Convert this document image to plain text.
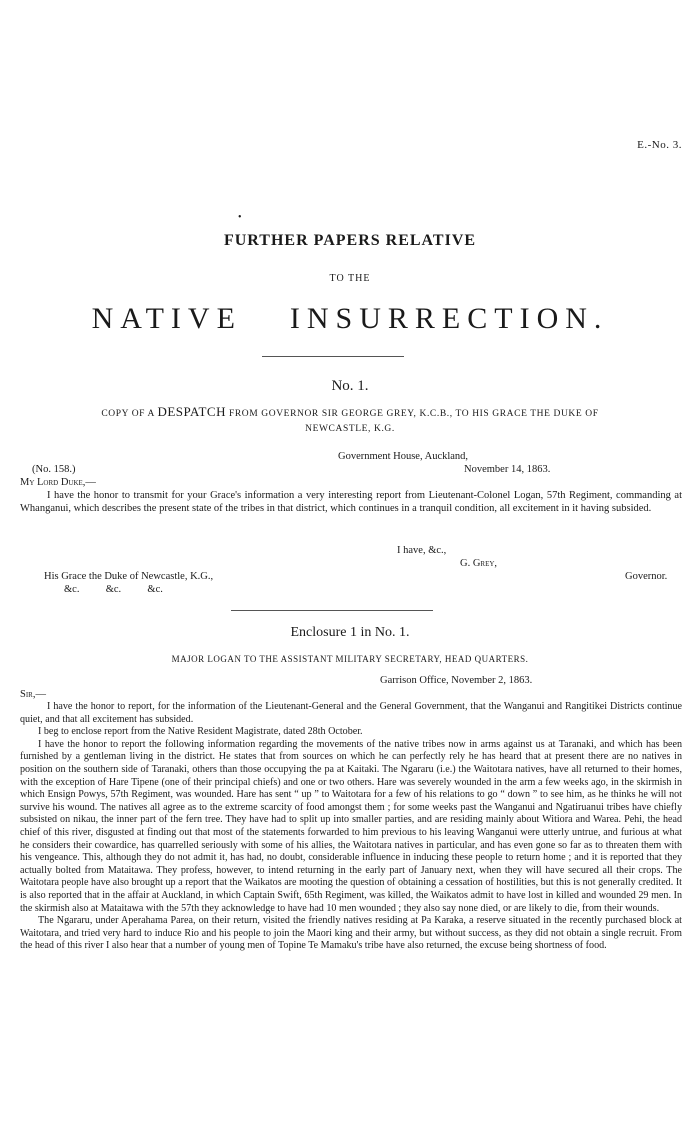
E.-No. 3.
•
FURTHER PAPERS RELATIVE
TO THE
NATIVE INSURRECTION.
No. 1.
COPY OF A DESPATCH FROM GOVERNOR SIR GEORGE GREY, K.C.B., TO HIS GRACE THE DUKE OF
NEWCASTLE, K.G.
Government House, Auckland,
(No. 158.)	November 14, 1863.
My Lord Duke,—
I have the honor to transmit for your Grace's information a very interesting report from Lieutenant-Colonel Logan, 57th Regiment, commanding at Whanganui, which describes the present state of the tribes in that district, which continues in a tranquil condition, all excitement in it having subsided.
I have, &c.,
G. Grey,
His Grace the Duke of Newcastle, K.G.,	Governor.
&c.          &c.          &c.
Enclosure 1 in No. 1.
MAJOR LOGAN TO THE ASSISTANT MILITARY SECRETARY, HEAD QUARTERS.
Garrison Office, November 2, 1863.
Sir,—

I have the honor to report, for the information of the Lieutenant-General and the General Government, that the Wanganui and Rangitikei Districts continue quiet, and that all excitement has subsided.

I beg to enclose report from the Native Resident Magistrate, dated 28th October.

I have the honor to report the following information regarding the movements of the native tribes now in arms against us at Taranaki, and which has been furnished by a gentleman living in the district. He states that from sources on which he can perfectly rely he has heard that at present there are no natives in position on the southern side of Taranaki, others than those occupying the pa at Kaitaki. The Ngararu (i.e.) the Waitotara natives, have all returned to their homes, with the exception of Hare Tipene (one of their principal chiefs) and one or two others. Hare was severely wounded in the arm a few weeks ago, in the skirmish in which Ensign Powys, 57th Regiment, was wounded. Hare has sent “ up ” to Waitotara for a few of his relations to go “ down ” to see him, as he thinks he will not survive his wound. The natives all agree as to the extreme scarcity of food amongst them ; for some weeks past the Wanganui and Ngatiruanui tribes have chiefly subsisted on nikau, the inner part of the fern tree. They have had to split up into smaller parties, and are residing mainly about Witiora and Warea. Pehi, the head chief of this river, disgusted at finding out that most of the statements forwarded to him previous to his leaving Wanganui were utterly untrue, and furious at what he considers their cowardice, has quarrelled seriously with some of his allies, the Waitotara natives in particular, and has even gone so far as to threaten them with his vengeance. This, although they do not admit it, has had, no doubt, considerable influence in inducing these people to return home ; and it is reported that they actually bolted from Mataitawa. They profess, however, to intend returning in the early part of January next, when they will have secured all their crops. The Waitotara people have also brought up a report that the Waikatos are mooting the question of obtaining a cessation of hostilities, but this is not generally credited. It is also reported that in the affair at Auckland, in which Captain Swift, 65th Regiment, was killed, the Waikatos admit to have lost in killed and wounded 29 men. In the skirmish also at Mataitawa with the 57th they acknowledge to have had 10 men wounded ; they also say none died, or are likely to die, from their wounds.

The Ngararu, under Aperahama Parea, on their return, visited the friendly natives residing at Pa Karaka, a reserve situated in the recently purchased block at Waitotara, and tried very hard to induce Rio and his people to join the Maori king and their army, but without success, as they did not obtain a single recruit. From the head of this river I also hear that a number of young men of Topine Te Mamaku's tribe have also returned, the excuse being shortness of food.
